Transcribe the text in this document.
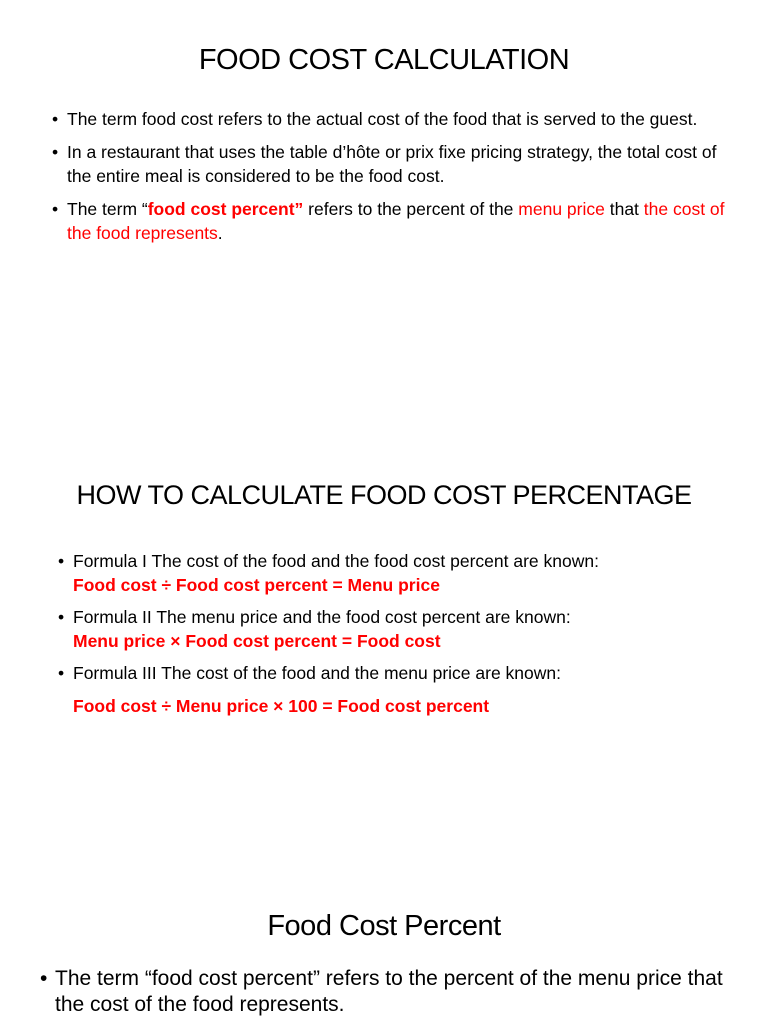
FOOD COST CALCULATION
• The term food cost refers to the actual cost of the food that is served to the guest.
• In a restaurant that uses the table d’hôte or prix fixe pricing strategy, the total cost of the entire meal is considered to be the food cost.
• The term “food cost percent” refers to the percent of the menu price that the cost of the food represents.
HOW TO CALCULATE FOOD COST PERCENTAGE
• Formula I The cost of the food and the food cost percent are known:
Food cost ÷ Food cost percent = Menu price
• Formula II The menu price and the food cost percent are known:
Menu price × Food cost percent = Food cost
• Formula III The cost of the food and the menu price are known:
Food cost ÷ Menu price × 100 = Food cost percent
Food Cost Percent
• The term “food cost percent” refers to the percent of the menu price that the cost of the food represents.
